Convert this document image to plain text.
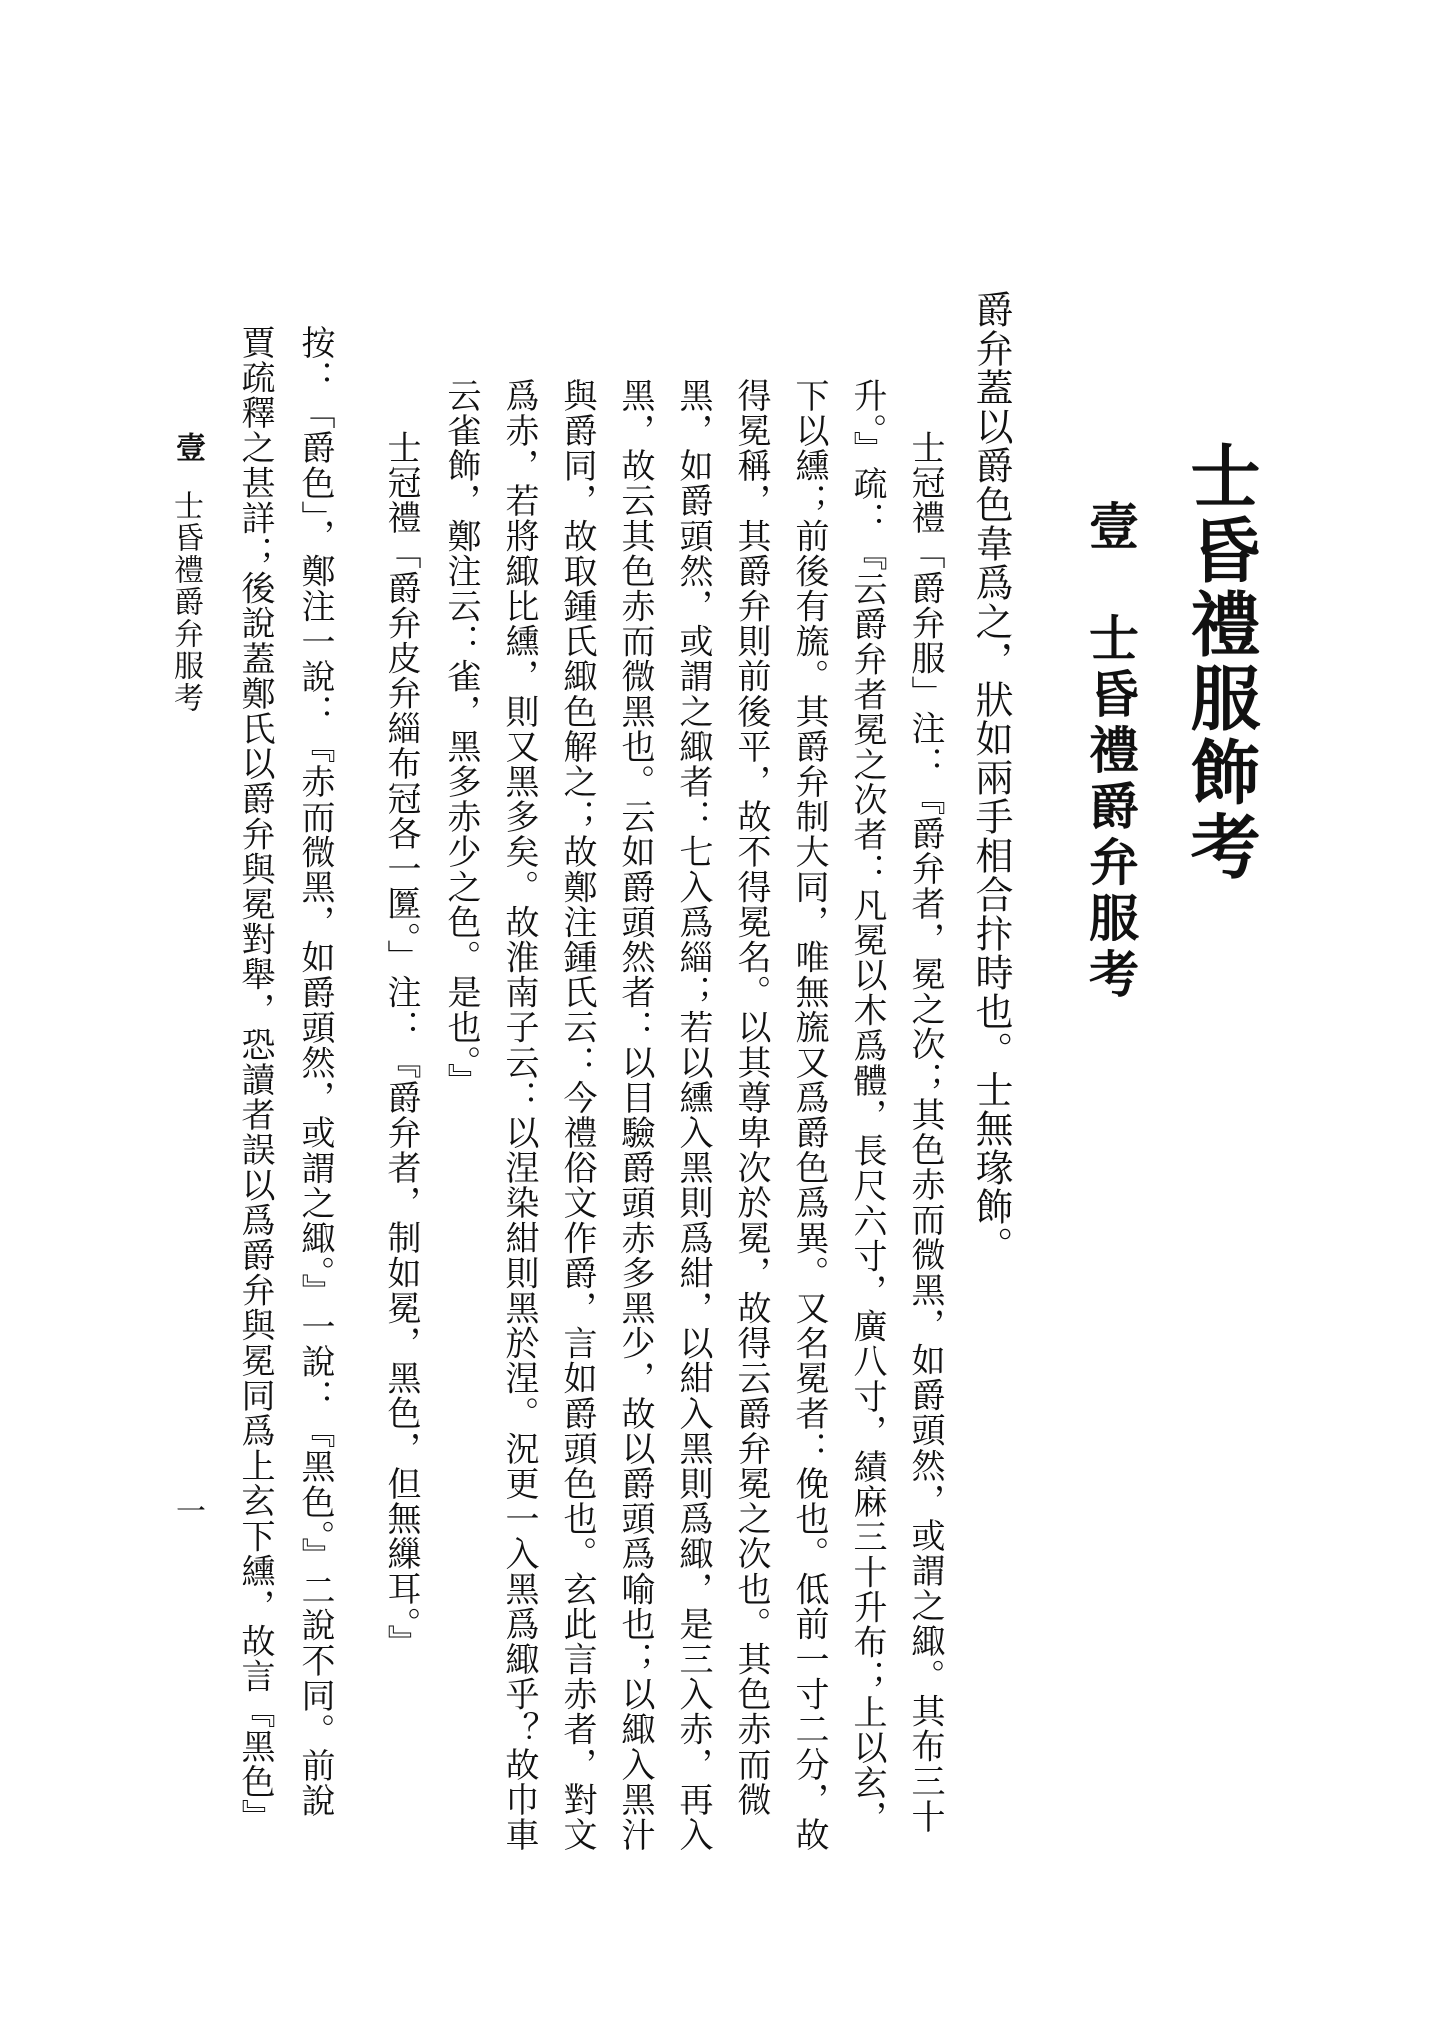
士昏禮服飾考
壹　士昏禮爵弁服考
爵弁蓋以爵色韋爲之，狀如兩手相合抃時也。士無瑑飾。
士冠禮「爵弁服」注：『爵弁者，冕之次；其色赤而微黑，如爵頭然，或謂之緅。其布三十
升。』疏：『云爵弁者冕之次者：凡冕以木爲體，長尺六寸，廣八寸，績麻三十升布；上以玄，
下以纁；前後有旒。其爵弁制大同，唯無旒又爲爵色爲異。又名冕者：俛也。低前一寸二分，故
得冕稱，其爵弁則前後平，故不得冕名。以其尊卑次於冕，故得云爵弁冕之次也。其色赤而微
黑，如爵頭然，或謂之緅者：七入爲緇；若以纁入黑則爲紺，以紺入黑則爲緅，是三入赤，再入
黑，故云其色赤而微黑也。云如爵頭然者：以目驗爵頭赤多黑少，故以爵頭爲喻也；以緅入黑汁
與爵同，故取鍾氏緅色解之；故鄭注鍾氏云：今禮俗文作爵，言如爵頭色也。玄此言赤者，對文
爲赤，若將緅比纁，則又黑多矣。故淮南子云：以涅染紺則黑於涅。況更一入黑爲緅乎？故巾車
云雀飾，鄭注云：雀，黑多赤少之色。是也。』
士冠禮「爵弁皮弁緇布冠各一匴。」注：『爵弁者，制如冕，黑色，但無繅耳。』
按：「爵色」，鄭注一說：『赤而微黑，如爵頭然，或謂之緅。』一說：『黑色。』二說不同。前說
賈疏釋之甚詳；後說蓋鄭氏以爵弁與冕對舉，恐讀者誤以爲爵弁與冕同爲上玄下纁，故言『黑色』
壹
士昏禮爵弁服考
一
